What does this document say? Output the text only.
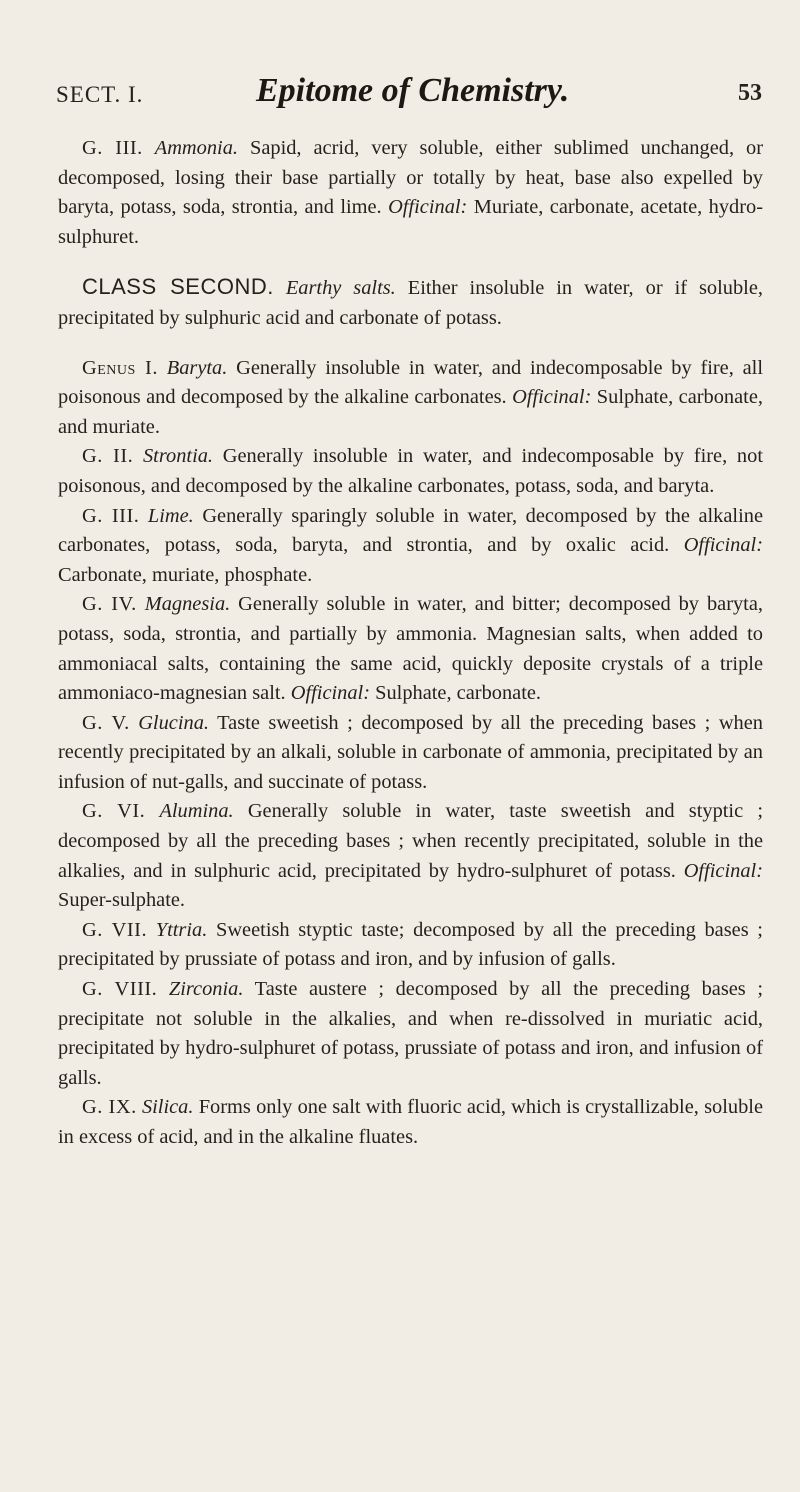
SECT. I.	Epitome of Chemistry.	53

G. III. Ammonia. Sapid, acrid, very soluble, either sublimed unchanged, or decomposed, losing their base partially or totally by heat, base also expelled by baryta, potass, soda, strontia, and lime. Officinal: Muriate, carbonate, acetate, hydro-sulphuret.

CLASS SECOND. Earthy salts. Either insoluble in water, or if soluble, precipitated by sulphuric acid and carbonate of potass.

Genus I. Baryta. Generally insoluble in water, and indecomposable by fire, all poisonous and decomposed by the alkaline carbonates. Officinal: Sulphate, carbonate, and muriate.

G. II. Strontia. Generally insoluble in water, and indecomposable by fire, not poisonous, and decomposed by the alkaline carbonates, potass, soda, and baryta.

G. III. Lime. Generally sparingly soluble in water, decomposed by the alkaline carbonates, potass, soda, baryta, and strontia, and by oxalic acid. Officinal: Carbonate, muriate, phosphate.

G. IV. Magnesia. Generally soluble in water, and bitter; decomposed by baryta, potass, soda, strontia, and partially by ammonia. Magnesian salts, when added to ammoniacal salts, containing the same acid, quickly deposite crystals of a triple ammoniaco-magnesian salt. Officinal: Sulphate, carbonate.

G. V. Glucina. Taste sweetish ; decomposed by all the preceding bases ; when recently precipitated by an alkali, soluble in carbonate of ammonia, precipitated by an infusion of nut-galls, and succinate of potass.

G. VI. Alumina. Generally soluble in water, taste sweetish and styptic ; decomposed by all the preceding bases ; when recently precipitated, soluble in the alkalies, and in sulphuric acid, precipitated by hydro-sulphuret of potass. Officinal: Super-sulphate.

G. VII. Yttria. Sweetish styptic taste; decomposed by all the preceding bases ; precipitated by prussiate of potass and iron, and by infusion of galls.

G. VIII. Zirconia. Taste austere ; decomposed by all the preceding bases ; precipitate not soluble in the alkalies, and when re-dissolved in muriatic acid, precipitated by hydro-sulphuret of potass, prussiate of potass and iron, and infusion of galls.

G. IX. Silica. Forms only one salt with fluoric acid, which is crystallizable, soluble in excess of acid, and in the alkaline fluates.
